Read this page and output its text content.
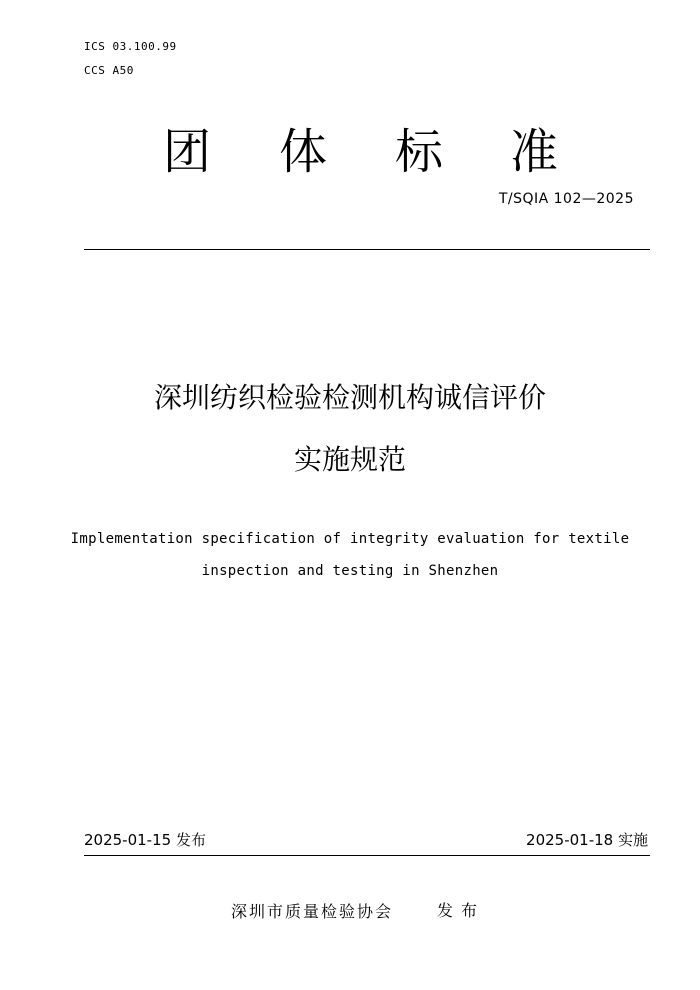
ICS 03.100.99
CCS A50
团 体 标 准
T/SQIA 102—2025
深圳纺织检验检测机构诚信评价
实施规范
Implementation specification of integrity evaluation for textile
inspection and testing in Shenzhen
2025-01-15 发布	2025-01-18 实施
深圳市质量检验协会	发布
